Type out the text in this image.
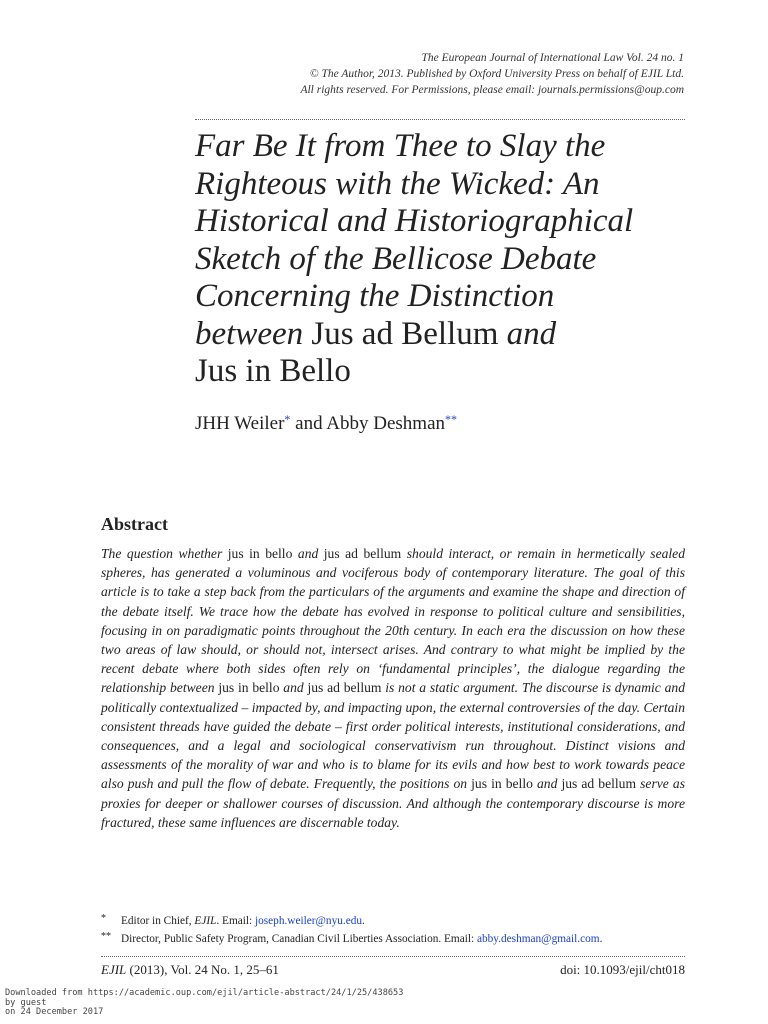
The European Journal of International Law Vol. 24 no. 1
© The Author, 2013. Published by Oxford University Press on behalf of EJIL Ltd.
All rights reserved. For Permissions, please email: journals.permissions@oup.com
Far Be It from Thee to Slay the
Righteous with the Wicked: An
Historical and Historiographical
Sketch of the Bellicose Debate
Concerning the Distinction
between Jus ad Bellum and
Jus in Bello
JHH Weiler* and Abby Deshman**
Abstract

The question whether jus in bello and jus ad bellum should interact, or remain in hermetically sealed spheres, has generated a voluminous and vociferous body of contemporary literature. The goal of this article is to take a step back from the particulars of the arguments and examine the shape and direction of the debate itself. We trace how the debate has evolved in response to political culture and sensibilities, focusing in on paradigmatic points throughout the 20th century. In each era the discussion on how these two areas of law should, or should not, intersect arises. And contrary to what might be implied by the recent debate where both sides often rely on ‘fundamental principles’, the dialogue regarding the relationship between jus in bello and jus ad bellum is not a static argument. The discourse is dynamic and politically contextualized – impacted by, and impacting upon, the external controversies of the day. Certain consistent threads have guided the debate – first order political interests, institutional considerations, and consequences, and a legal and sociological conservativism run throughout. Distinct visions and assessments of the morality of war and who is to blame for its evils and how best to work towards peace also push and pull the flow of debate. Frequently, the positions on jus in bello and jus ad bellum serve as proxies for deeper or shallower courses of discussion. And although the contemporary discourse is more fractured, these same influences are discernable today.

* Editor in Chief, EJIL. Email: joseph.weiler@nyu.edu.
** Director, Public Safety Program, Canadian Civil Liberties Association. Email: abby.deshman@gmail.com.
EJIL (2013), Vol. 24 No. 1, 25–61	doi: 10.1093/ejil/cht018
Downloaded from https://academic.oup.com/ejil/article-abstract/24/1/25/438653
by guest
on 24 December 2017
